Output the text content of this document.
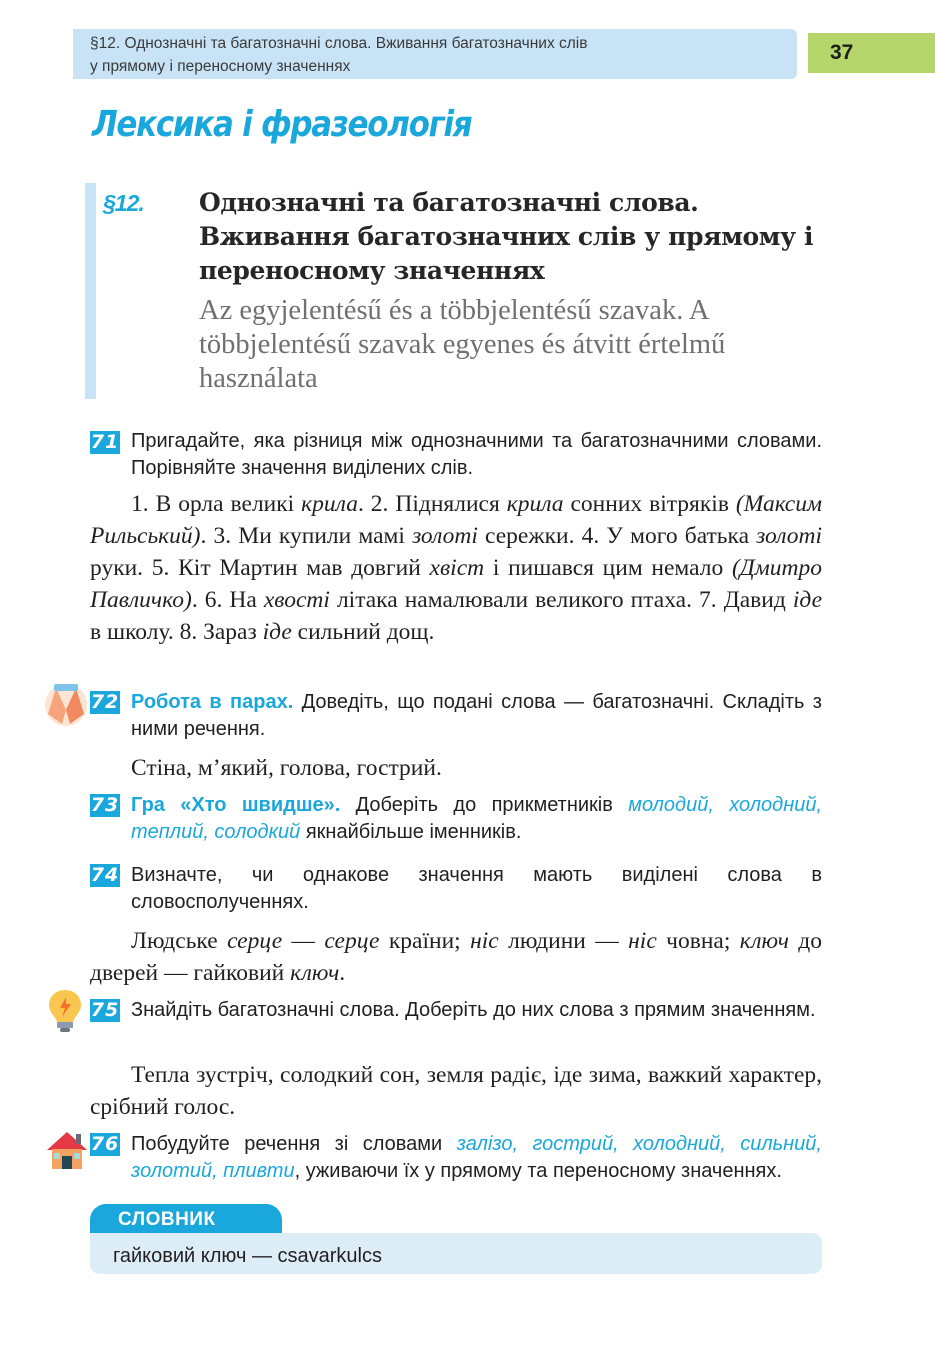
§12. Однозначні та багатозначні слова. Вживання багатозначних слів
у прямому і переносному значеннях
37
Лексика і фразеологія
§12. Однозначні та багатозначні слова. Вживання багатозначних слів у прямому і переносному значеннях
Az egyjelentésű és a többjelentésű szavak. A többjelentésű szavak egyenes és átvitt értelmű használata
71 Пригадайте, яка різниця між однозначними та багатозначними словами. Порівняйте значення виділених слів.
1. В орла великі крила. 2. Піднялися крила сонних вітряків (Максим Рильський). 3. Ми купили мамі золоті сережки. 4. У мого батька золоті руки. 5. Кіт Мартин мав довгий хвіст і пишався цим немало (Дмитро Павличко). 6. На хвості літака намалювали великого птаха. 7. Давид іде в школу. 8. Зараз іде сильний дощ.
72 Робота в парах. Доведіть, що подані слова — багатозначні. Складіть з ними речення.
Стіна, м’який, голова, гострий.
73 Гра «Хто швидше». Доберіть до прикметників молодий, холодний, теплий, солодкий якнайбільше іменників.
74 Визначте, чи однакове значення мають виділені слова в словосполученнях.
Людське серце — серце країни; ніс людини — ніс човна; ключ до дверей — гайковий ключ.
75 Знайдіть багатозначні слова. Доберіть до них слова з прямим значенням.
Тепла зустріч, солодкий сон, земля радіє, іде зима, важкий характер, срібний голос.
76 Побудуйте речення зі словами залізо, гострий, холодний, сильний, золотий, пливти, уживаючи їх у прямому та переносному значеннях.
СЛОВНИК
гайковий ключ — csavarkulcs
